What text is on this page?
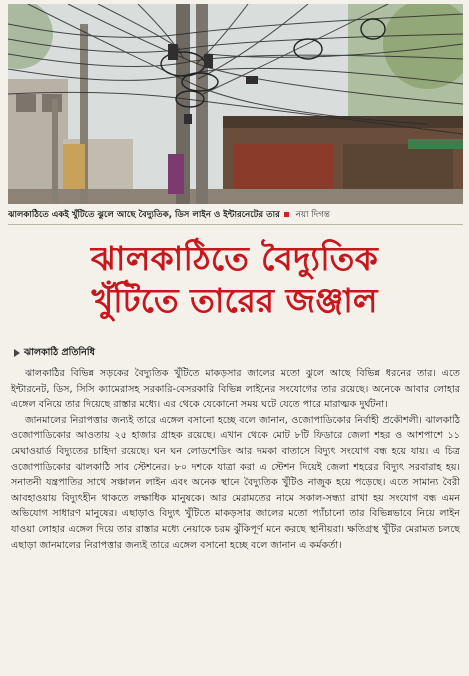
ঝালকাঠিতে একই খুঁটিতে ঝুলে আছে বৈদ্যুতিক, ডিস লাইন ও ইন্টারনেটের তার নয়া দিগন্ত
ঝালকাঠিতে বৈদ্যুতিক
খুঁটিতে তারের জঞ্জাল
ঝালকাঠি প্রতিনিধি

ঝালকাঠির বিভিন্ন সড়কের বৈদ্যুতিক খুঁটিতে মাকড়সার জালের মতো ঝুলে আছে বিভিন্ন ধরনের তার। এতে ইন্টারনেট, ডিস, সিসি ক্যামেরাসহ সরকারি-বেসরকারি বিভিন্ন লাইনের সংযোগের তার রয়েছে। অনেকে আবার লোহার এঙ্গেল বনিয়ে তার দিয়েছে রাস্তার মধ্যে। এর থেকে যেকোনো সময় ঘটে যেতে পারে মারাত্মক দুর্ঘটনা।

জানমালের নিরাপত্তার জন্যই তারে এঙ্গেল বসানো হচ্ছে বলে জানান, ওজোপাডিকোর নির্বাহী প্রকৌশলী। ঝালকাঠি ওজোপাডিকোর আওতায় ২৫ হাজার গ্রাহক রয়েছে। এখান থেকে মোট ৮টি ফিডারে জেলা শহর ও আশপাশে ১১ মেঘাওয়ার্ড বিদ্যুতের চাহিদা রয়েছে। ঘন ঘন লোডশেডিং আর দমকা বাতাসে বিদ্যুৎ সংযোগ বন্ধ হয়ে যায়। এ চিত্র ওজোপাডিকোর ঝালকাঠি সাব স্টেশনের। ৮০ দশকে যাত্রা করা এ স্টেশন দিয়েই জেলা শহরের বিদ্যুৎ সরবারাহ হয়। সনাতনী যন্ত্রপাতির সাথে সঞ্চালন লাইন এবং অনেক স্থানে বৈদ্যুতিক খুঁটিও নাজুক হয়ে পড়েছে। এতে সামান্য বৈরী আবহাওয়ায় বিদ্যুৎহীন থাকতে লক্ষাধিক মানুষকে। আর মেরামতের নামে সকাল-সন্ধ্যা রাখা হয় সংযোগ বন্ধ এমন অভিযোগ সাধারণ মানুষের। এছাড়াও বিদ্যুৎ খুঁটিতে মাকড়সার জালের মতো প্যাঁচানো তার বিভিন্নভাবে নিয়ে লাইন যাওয়া লোহার এঙ্গেল দিয়ে তার রাস্তার মধ্যে নেয়াকে চরম ঝুঁকিপূর্ণ মনে করছে স্থানীয়রা। ক্ষতিগ্রস্থ খুঁটির মেরামত চলছে এছাড়া জানমালের নিরাপত্তার জন্যই তারে এঙ্গেল বসানো হচ্ছে বলে জানান এ কর্মকর্তা।
